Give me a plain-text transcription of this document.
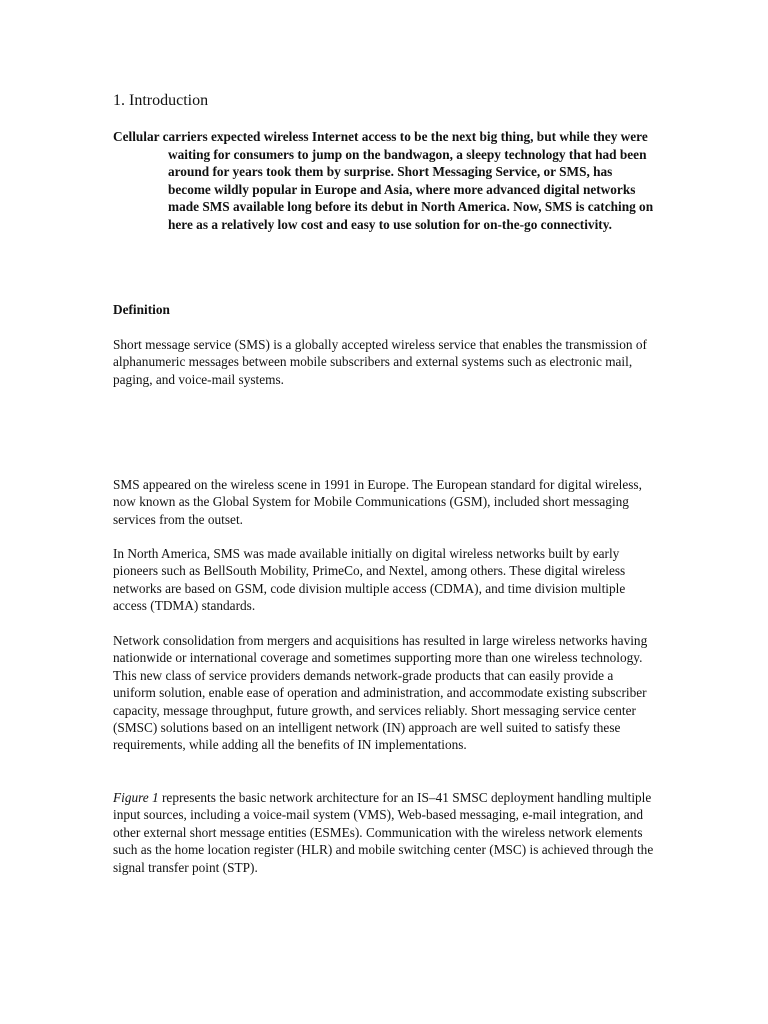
1. Introduction

Cellular carriers expected wireless Internet access to be the next big thing, but while they were waiting for consumers to jump on the bandwagon, a sleepy technology that had been around for years took them by surprise. Short Messaging Service, or SMS, has become wildly popular in Europe and Asia, where more advanced digital networks made SMS available long before its debut in North America. Now, SMS is catching on here as a relatively low cost and easy to use solution for on-the-go connectivity.

Definition

Short message service (SMS) is a globally accepted wireless service that enables the transmission of alphanumeric messages between mobile subscribers and external systems such as electronic mail, paging, and voice-mail systems.

SMS appeared on the wireless scene in 1991 in Europe. The European standard for digital wireless, now known as the Global System for Mobile Communications (GSM), included short messaging services from the outset.

In North America, SMS was made available initially on digital wireless networks built by early pioneers such as BellSouth Mobility, PrimeCo, and Nextel, among others. These digital wireless networks are based on GSM, code division multiple access (CDMA), and time division multiple access (TDMA) standards.

Network consolidation from mergers and acquisitions has resulted in large wireless networks having nationwide or international coverage and sometimes supporting more than one wireless technology. This new class of service providers demands network-grade products that can easily provide a uniform solution, enable ease of operation and administration, and accommodate existing subscriber capacity, message throughput, future growth, and services reliably. Short messaging service center (SMSC) solutions based on an intelligent network (IN) approach are well suited to satisfy these requirements, while adding all the benefits of IN implementations.

Figure 1 represents the basic network architecture for an IS–41 SMSC deployment handling multiple input sources, including a voice-mail system (VMS), Web-based messaging, e-mail integration, and other external short message entities (ESMEs). Communication with the wireless network elements such as the home location register (HLR) and mobile switching center (MSC) is achieved through the signal transfer point (STP).
